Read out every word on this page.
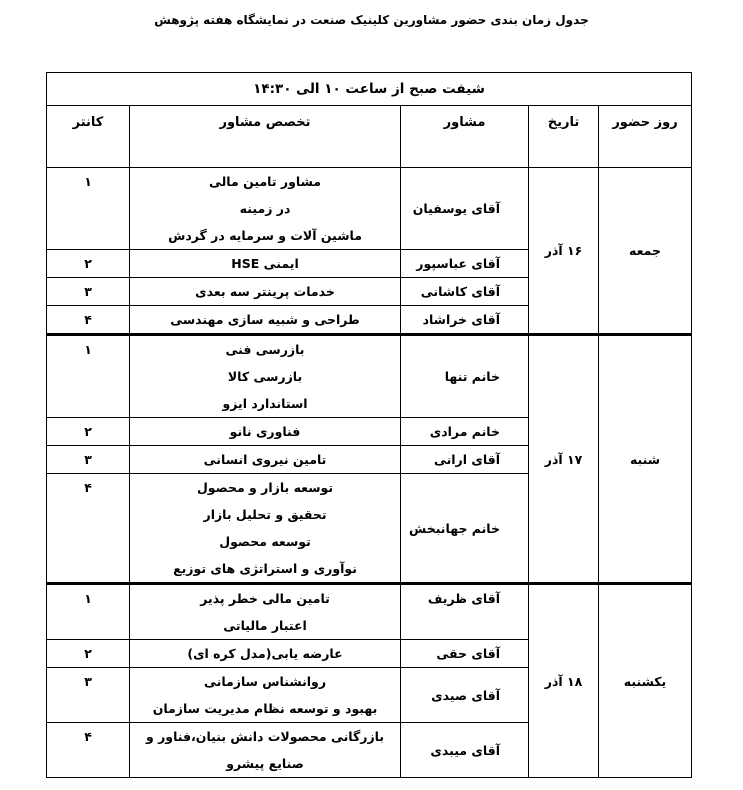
جدول زمان بندی حضور مشاورین کلینیک صنعت در نمایشگاه هفته پژوهش
شیفت صبح از ساعت ۱۰ الی ۱۴:۳۰				
روز حضور	تاریخ	مشاور	تخصص مشاور	کانتر
جمعه	۱۶ آذر	آقای یوسفیان	مشاور تامین مالی
در زمینه
ماشین آلات و سرمایه در گردش	۱
		آقای عباسپور	ایمنی HSE	۲
		آقای کاشانی	خدمات پرینتر سه بعدی	۳
		آقای خراشاد	طراحی و شبیه سازی مهندسی	۴
شنبه	۱۷ آذر	خانم تنها	بازرسی فنی
بازرسی کالا
استاندارد ایزو	۱
		خانم مرادی	فناوری نانو	۲
		آقای ارانی	تامین نیروی انسانی	۳
		خانم جهانبخش	توسعه بازار و محصول
تحقیق و تحلیل بازار
توسعه محصول
نوآوری و استراتژی های توزیع	۴
یکشنبه	۱۸ آذر	آقای ظریف	تامین مالی خطر پذیر
اعتبار مالیاتی	۱
		آقای حقی	عارضه یابی(مدل کره ای)	۲
		آقای صیدی	روانشناس سازمانی
بهبود و توسعه نظام مدیریت سازمان	۳
		آقای میبدی	بازرگانی محصولات دانش بنیان،فناور و
صنایع پیشرو	۴
